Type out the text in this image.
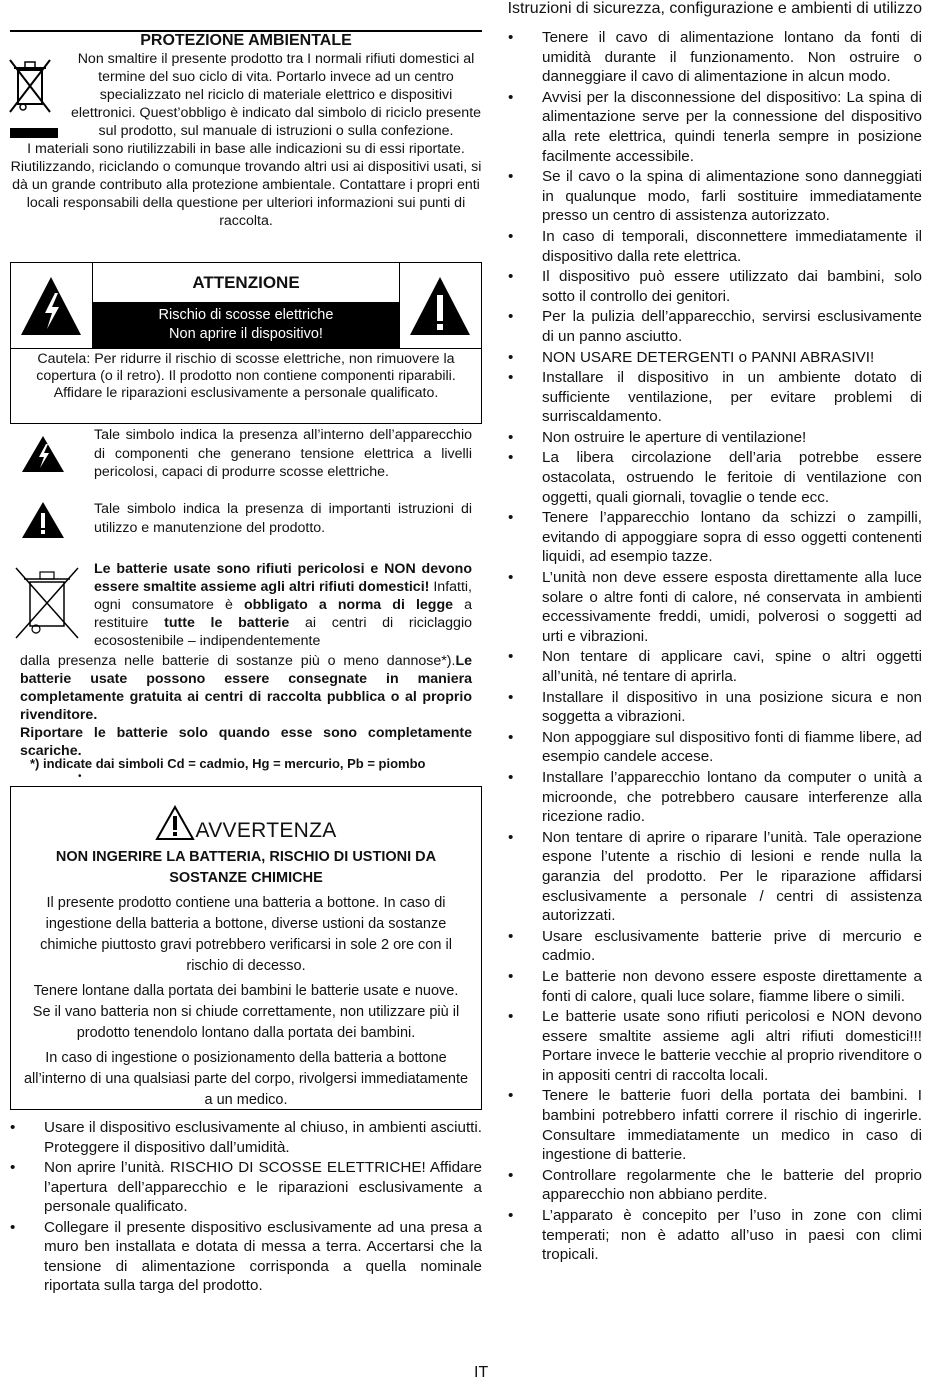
Istruzioni di sicurezza, configurazione e ambienti di utilizzo
PROTEZIONE AMBIENTALE
Non smaltire il presente prodotto tra I normali rifiuti domestici al termine del suo ciclo di vita. Portarlo invece ad un centro specializzato nel riciclo di materiale elettrico e dispositivi elettronici. Quest’obbligo è indicato dal simbolo di riciclo presente sul prodotto, sul manuale di istruzioni o sulla confezione.
I materiali sono riutilizzabili in base alle indicazioni su di essi riportate. Riutilizzando, riciclando o comunque trovando altri usi ai dispositivi usati, si dà un grande contributo alla protezione ambientale. Contattare i propri enti locali responsabili della questione per ulteriori informazioni sui punti di raccolta.
ATTENZIONE
Rischio di scosse elettriche
Non aprire il dispositivo!
Cautela: Per ridurre il rischio di scosse elettriche, non rimuovere la copertura (o il retro). Il prodotto non contiene componenti riparabili. Affidare le riparazioni esclusivamente a personale qualificato.
Tale simbolo indica la presenza all’interno dell’apparecchio di componenti che generano tensione elettrica a livelli pericolosi, capaci di produrre scosse elettriche.
Tale simbolo indica la presenza di importanti istruzioni di utilizzo e manutenzione del prodotto.
Le batterie usate sono rifiuti pericolosi e NON devono essere smaltite assieme agli altri rifiuti domestici! Infatti, ogni consumatore è obbligato a norma di legge a restituire tutte le batterie ai centri di riciclaggio ecosostenibile – indipendentemente
dalla presenza nelle batterie di sostanze più o meno dannose*).Le batterie usate possono essere consegnate in maniera completamente gratuita ai centri di raccolta pubblica o al proprio rivenditore.
Riportare le batterie solo quando esse sono completamente scariche.
*) indicate dai simboli Cd = cadmio, Hg = mercurio, Pb = piombo
•
AVVERTENZA
NON INGERIRE LA BATTERIA, RISCHIO DI USTIONI DA SOSTANZE CHIMICHE
Il presente prodotto contiene una batteria a bottone. In caso di ingestione della batteria a bottone, diverse ustioni da sostanze chimiche piuttosto gravi potrebbero verificarsi in sole 2 ore con il rischio di decesso.
Tenere lontane dalla portata dei bambini le batterie usate e nuove. Se il vano batteria non si chiude correttamente, non utilizzare più il prodotto tenendolo lontano dalla portata dei bambini.
In caso di ingestione o posizionamento della batteria a bottone all’interno di una qualsiasi parte del corpo, rivolgersi immediatamente a un medico.
• Usare il dispositivo esclusivamente al chiuso, in ambienti asciutti. Proteggere il dispositivo dall’umidità.
• Non aprire l’unità. RISCHIO DI SCOSSE ELETTRICHE! Affidare l’apertura dell’apparecchio e le riparazioni esclusivamente a personale qualificato.
• Collegare il presente dispositivo esclusivamente ad una presa a muro ben installata e dotata di messa a terra. Accertarsi che la tensione di alimentazione corrisponda a quella nominale riportata sulla targa del prodotto.
• Tenere il cavo di alimentazione lontano da fonti di umidità durante il funzionamento. Non ostruire o danneggiare il cavo di alimentazione in alcun modo.
• Avvisi per la disconnessione del dispositivo: La spina di alimentazione serve per la connessione del dispositivo alla rete elettrica, quindi tenerla sempre in posizione facilmente accessibile.
• Se il cavo o la spina di alimentazione sono danneggiati in qualunque modo, farli sostituire immediatamente presso un centro di assistenza autorizzato.
• In caso di temporali, disconnettere immediatamente il dispositivo dalla rete elettrica.
• Il dispositivo può essere utilizzato dai bambini, solo sotto il controllo dei genitori.
• Per la pulizia dell’apparecchio, servirsi esclusivamente di un panno asciutto.
• NON USARE DETERGENTI o PANNI ABRASIVI!
• Installare il dispositivo in un ambiente dotato di sufficiente ventilazione, per evitare problemi di surriscaldamento.
• Non ostruire le aperture di ventilazione!
• La libera circolazione dell’aria potrebbe essere ostacolata, ostruendo le feritoie di ventilazione con oggetti, quali giornali, tovaglie o tende ecc.
• Tenere l’apparecchio lontano da schizzi o zampilli, evitando di appoggiare sopra di esso oggetti contenenti liquidi, ad esempio tazze.
• L’unità non deve essere esposta direttamente alla luce solare o altre fonti di calore, né conservata in ambienti eccessivamente freddi, umidi, polverosi o soggetti ad urti e vibrazioni.
• Non tentare di applicare cavi, spine o altri oggetti all’unità, né tentare di aprirla.
• Installare il dispositivo in una posizione sicura e non soggetta a vibrazioni.
• Non appoggiare sul dispositivo fonti di fiamme libere, ad esempio candele accese.
• Installare l’apparecchio lontano da computer o unità a microonde, che potrebbero causare interferenze alla ricezione radio.
• Non tentare di aprire o riparare l’unità. Tale operazione espone l’utente a rischio di lesioni e rende nulla la garanzia del prodotto. Per le riparazione affidarsi esclusivamente a personale / centri di assistenza autorizzati.
• Usare esclusivamente batterie prive di mercurio e cadmio.
• Le batterie non devono essere esposte direttamente a fonti di calore, quali luce solare, fiamme libere o simili.
• Le batterie usate sono rifiuti pericolosi e NON devono essere smaltite assieme agli altri rifiuti domestici!!! Portare invece le batterie vecchie al proprio rivenditore o in appositi centri di raccolta locali.
• Tenere le batterie fuori della portata dei bambini. I bambini potrebbero infatti correre il rischio di ingerirle. Consultare immediatamente un medico in caso di ingestione di batterie.
• Controllare regolarmente che le batterie del proprio apparecchio non abbiano perdite.
• L’apparato è concepito per l’uso in zone con climi temperati; non è adatto all’uso in paesi con climi tropicali.
IT
